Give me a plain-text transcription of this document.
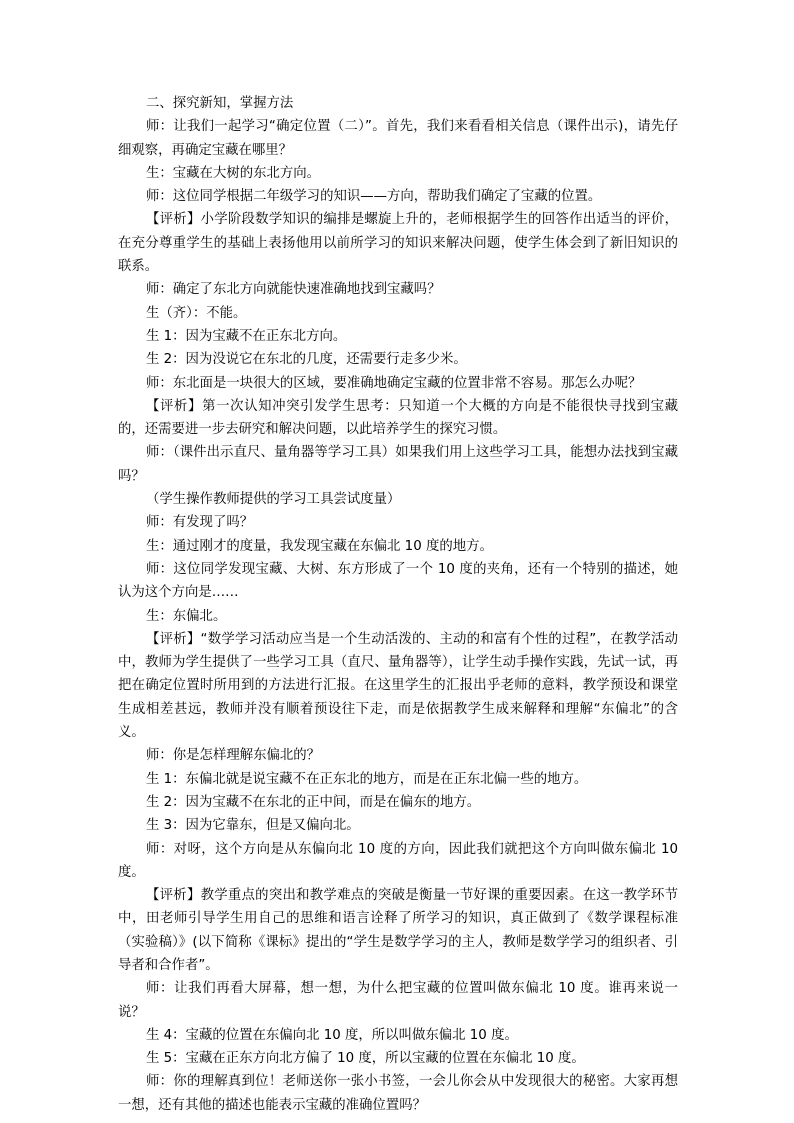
二、探究新知，掌握方法

师：让我们一起学习“确定位置（二）”。首先，我们来看看相关信息（课件出示)，请先仔细观察，再确定宝藏在哪里？

生：宝藏在大树的东北方向。

师：这位同学根据二年级学习的知识——方向，帮助我们确定了宝藏的位置。

【评析】小学阶段数学知识的编排是螺旋上升的，老师根据学生的回答作出适当的评价，在充分尊重学生的基础上表扬他用以前所学习的知识来解决问题，使学生体会到了新旧知识的联系。

师：确定了东北方向就能快速准确地找到宝藏吗？

生（齐）：不能。

生 1：因为宝藏不在正东北方向。

生 2：因为没说它在东北的几度，还需要行走多少米。

师：东北面是一块很大的区域，要准确地确定宝藏的位置非常不容易。那怎么办呢？

【评析】第一次认知冲突引发学生思考：只知道一个大概的方向是不能很快寻找到宝藏的，还需要进一步去研究和解决问题，以此培养学生的探究习惯。

师：（课件出示直尺、量角器等学习工具）如果我们用上这些学习工具，能想办法找到宝藏吗？

（学生操作教师提供的学习工具尝试度量）

师：有发现了吗？

生：通过刚才的度量，我发现宝藏在东偏北 10 度的地方。

师：这位同学发现宝藏、大树、东方形成了一个 10 度的夹角，还有一个特别的描述，她认为这个方向是……

生：东偏北。

【评析】“数学学习活动应当是一个生动活泼的、主动的和富有个性的过程”，在教学活动中，教师为学生提供了一些学习工具（直尺、量角器等），让学生动手操作实践，先试一试，再把在确定位置时所用到的方法进行汇报。在这里学生的汇报出乎老师的意料，教学预设和课堂生成相差甚远，教师并没有顺着预设往下走，而是依据教学生成来解释和理解“东偏北”的含义。

师：你是怎样理解东偏北的？

生 1：东偏北就是说宝藏不在正东北的地方，而是在正东北偏一些的地方。

生 2：因为宝藏不在东北的正中间，而是在偏东的地方。

生 3：因为它靠东，但是又偏向北。

师：对呀，这个方向是从东偏向北 10 度的方向，因此我们就把这个方向叫做东偏北 10 度。

【评析】教学重点的突出和教学难点的突破是衡量一节好课的重要因素。在这一教学环节中，田老师引导学生用自己的思维和语言诠释了所学习的知识，真正做到了《数学课程标准（实验稿）》(以下简称《课标》提出的“学生是数学学习的主人，教师是数学学习的组织者、引导者和合作者”。

师：让我们再看大屏幕，想一想，为什么把宝藏的位置叫做东偏北 10 度。谁再来说一说？

生 4：宝藏的位置在东偏向北 10 度，所以叫做东偏北 10 度。

生 5：宝藏在正东方向北方偏了 10 度，所以宝藏的位置在东偏北 10 度。

师：你的理解真到位！老师送你一张小书签，一会儿你会从中发现很大的秘密。大家再想一想，还有其他的描述也能表示宝藏的准确位置吗？
